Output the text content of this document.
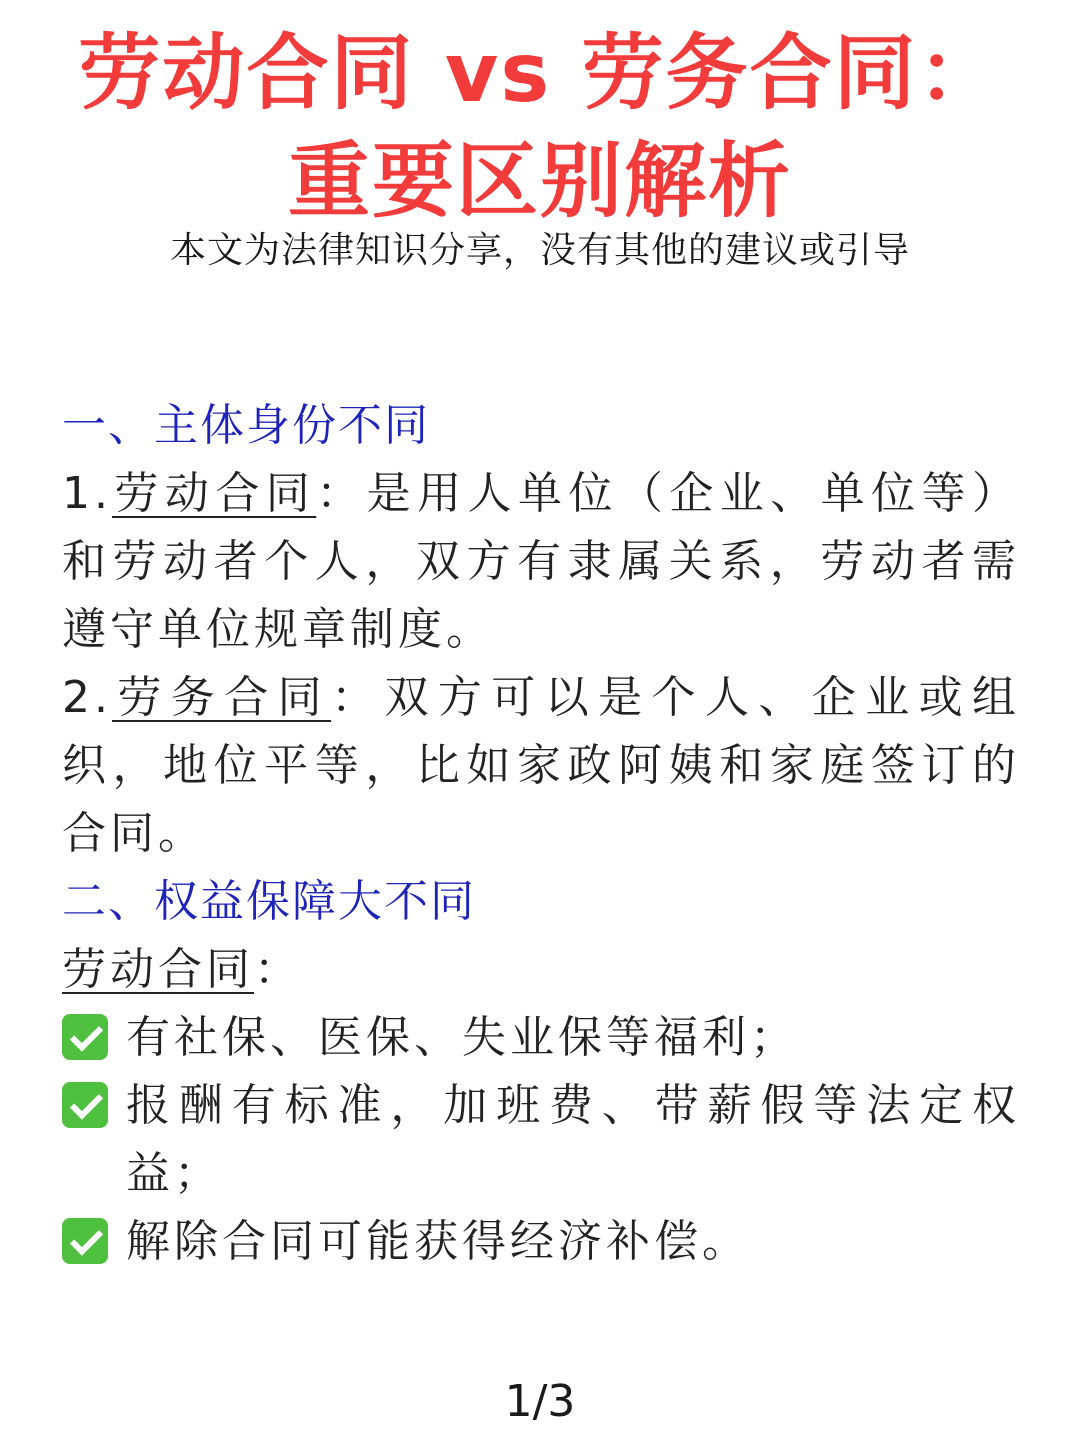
劳动合同 vs 劳务合同：
重要区别解析
本文为法律知识分享，没有其他的建议或引导

一、主体身份不同

1.劳动合同：是用人单位（企业、单位等）和劳动者个人，双方有隶属关系，劳动者需遵守单位规章制度。

2.劳务合同：双方可以是个人、企业或组织，地位平等，比如家政阿姨和家庭签订的合同。

二、权益保障大不同

劳动合同：

有社保、医保、失业保等福利；
报酬有标准，加班费、带薪假等法定权益；
解除合同可能获得经济补偿。
1/3
